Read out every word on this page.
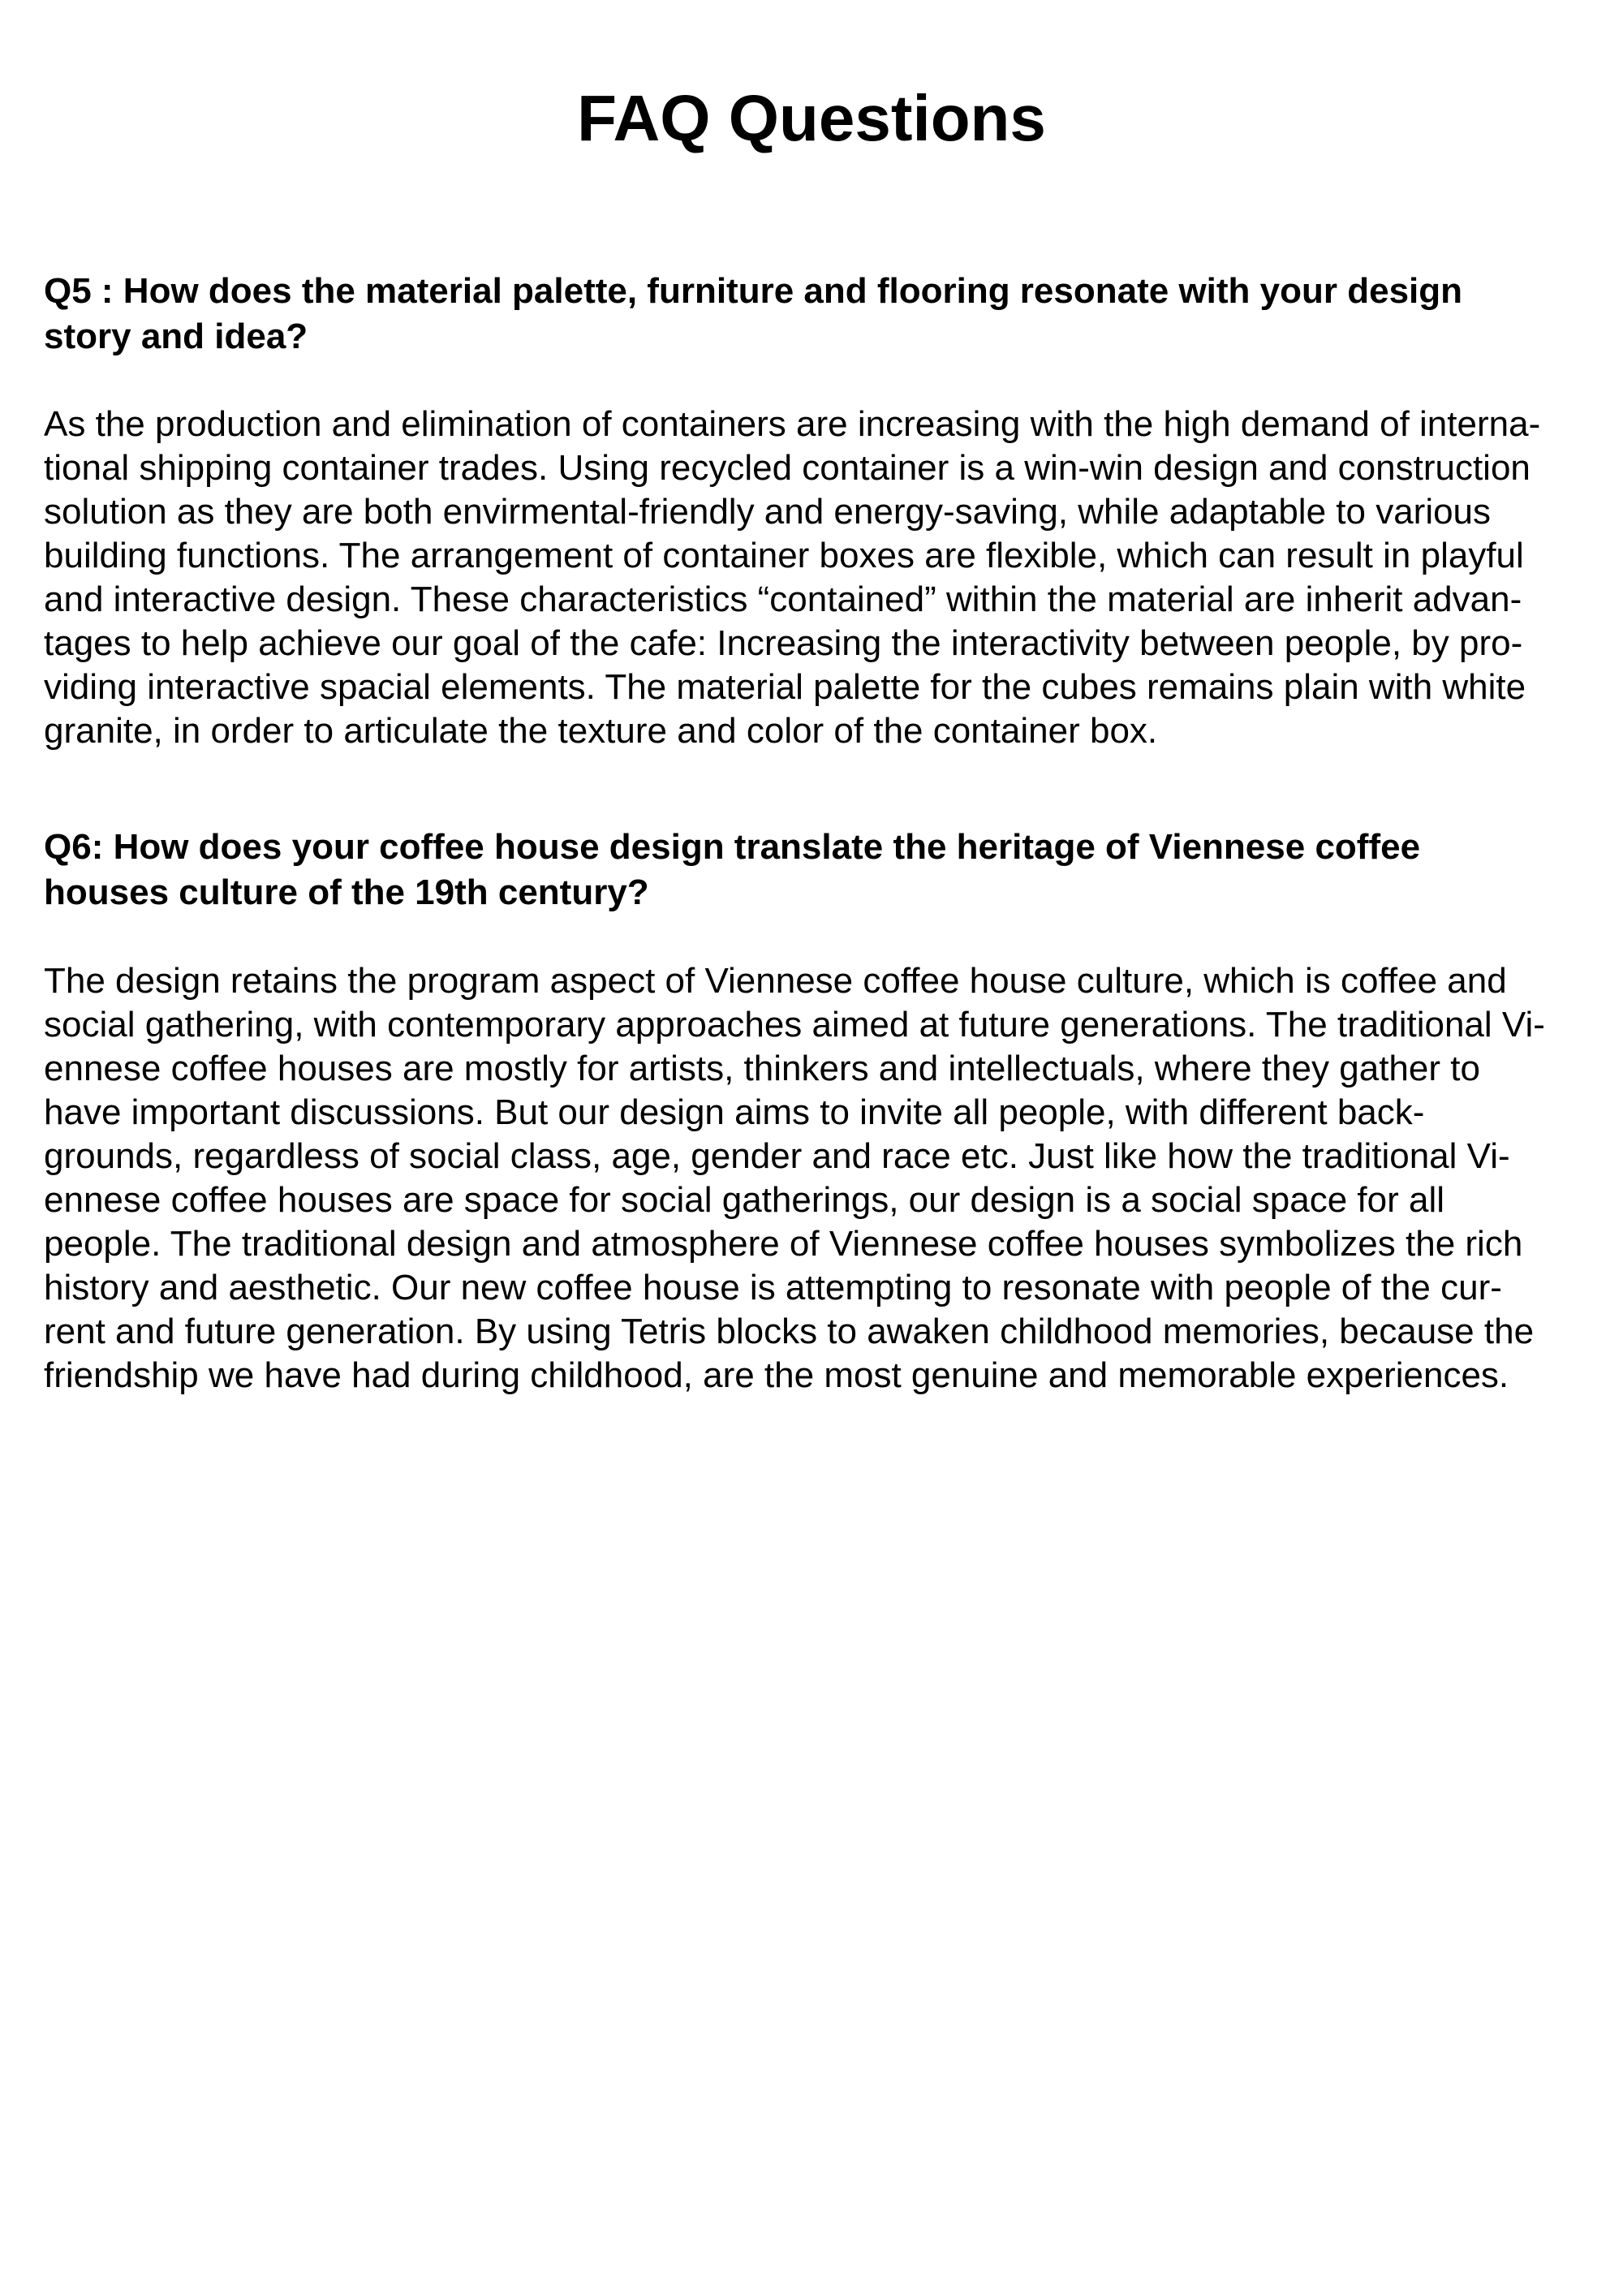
FAQ Questions
Q5 : How does the material palette, furniture and flooring resonate with your design
story and idea?

As the production and elimination of containers are increasing with the high demand of interna-
tional shipping container trades. Using recycled container is a win-win design and construction
solution as they are both envirmental-friendly and energy-saving, while adaptable to various
building functions. The arrangement of container boxes are flexible, which can result in playful
and interactive design. These characteristics “contained” within the material are inherit advan-
tages to help achieve our goal of the cafe: Increasing the interactivity between people, by pro-
viding interactive spacial elements. The material palette for the cubes remains plain with white
granite, in order to articulate the texture and color of the container box.

Q6: How does your coffee house design translate the heritage of Viennese coffee
houses culture of the 19th century?

The design retains the program aspect of Viennese coffee house culture, which is coffee and
social gathering, with contemporary approaches aimed at future generations. The traditional Vi-
ennese coffee houses are mostly for artists, thinkers and intellectuals, where they gather to
have important discussions. But our design aims to invite all people, with different back-
grounds, regardless of social class, age, gender and race etc. Just like how the traditional Vi-
ennese coffee houses are space for social gatherings, our design is a social space for all
people. The traditional design and atmosphere of Viennese coffee houses symbolizes the rich
history and aesthetic. Our new coffee house is attempting to resonate with people of the cur-
rent and future generation. By using Tetris blocks to awaken childhood memories, because the
friendship we have had during childhood, are the most genuine and memorable experiences.
